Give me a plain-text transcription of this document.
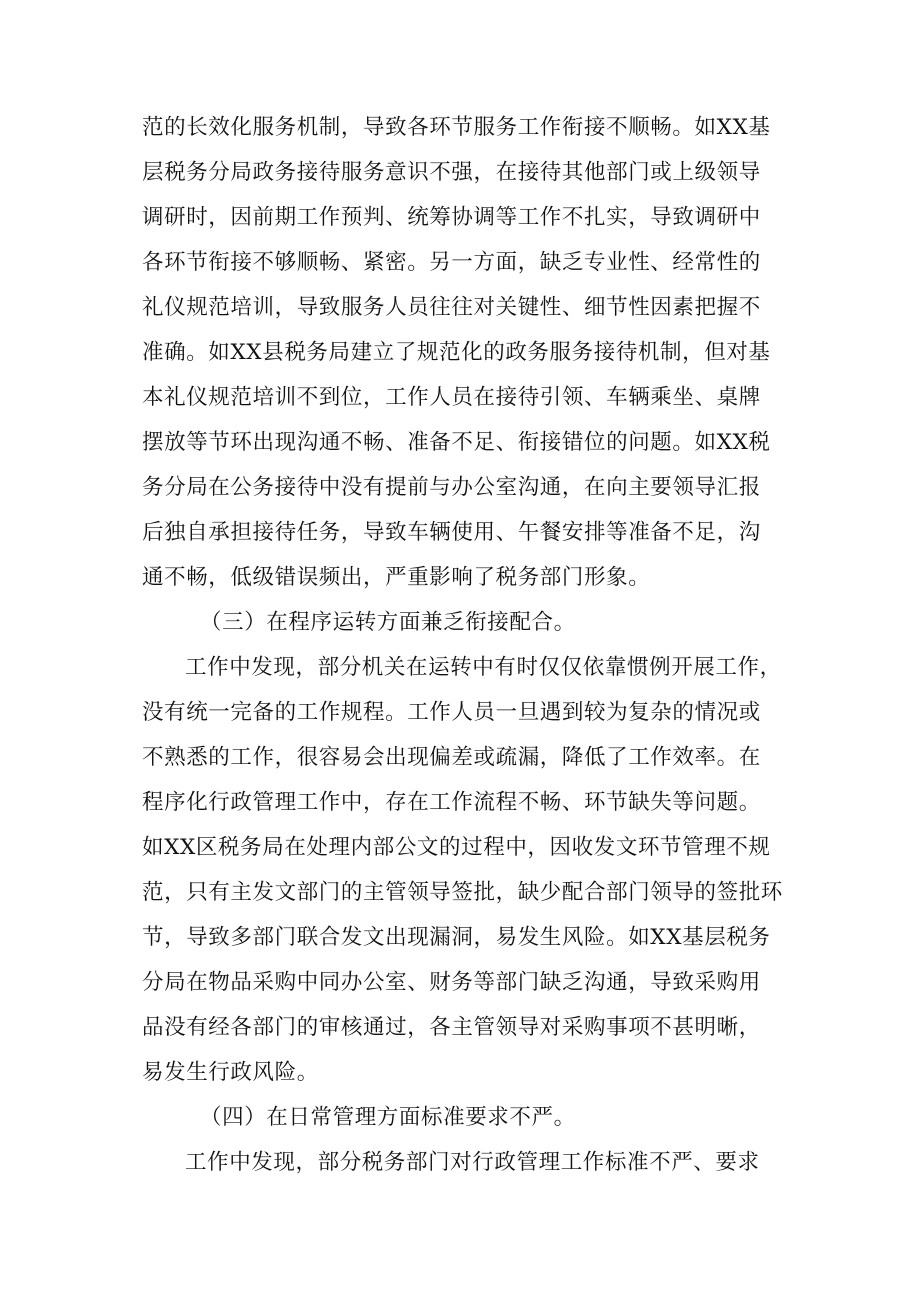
范的长效化服务机制，导致各环节服务工作衔接不顺畅。如XX基
层税务分局政务接待服务意识不强，在接待其他部门或上级领导
调研时，因前期工作预判、统筹协调等工作不扎实，导致调研中
各环节衔接不够顺畅、紧密。另一方面，缺乏专业性、经常性的
礼仪规范培训，导致服务人员往往对关键性、细节性因素把握不
准确。如XX县税务局建立了规范化的政务服务接待机制，但对基
本礼仪规范培训不到位，工作人员在接待引领、车辆乘坐、桌牌
摆放等节环出现沟通不畅、准备不足、衔接错位的问题。如XX税
务分局在公务接待中没有提前与办公室沟通，在向主要领导汇报
后独自承担接待任务，导致车辆使用、午餐安排等准备不足，沟
通不畅，低级错误频出，严重影响了税务部门形象。
（三）在程序运转方面兼乏衔接配合。
工作中发现，部分机关在运转中有时仅仅依靠惯例开展工作，
没有统一完备的工作规程。工作人员一旦遇到较为复杂的情况或
不熟悉的工作，很容易会出现偏差或疏漏，降低了工作效率。在
程序化行政管理工作中，存在工作流程不畅、环节缺失等问题。
如XX区税务局在处理内部公文的过程中，因收发文环节管理不规
范，只有主发文部门的主管领导签批，缺少配合部门领导的签批环
节，导致多部门联合发文出现漏洞，易发生风险。如XX基层税务
分局在物品采购中同办公室、财务等部门缺乏沟通，导致采购用
品没有经各部门的审核通过，各主管领导对采购事项不甚明晰，
易发生行政风险。
（四）在日常管理方面标准要求不严。
工作中发现，部分税务部门对行政管理工作标准不严、要求
